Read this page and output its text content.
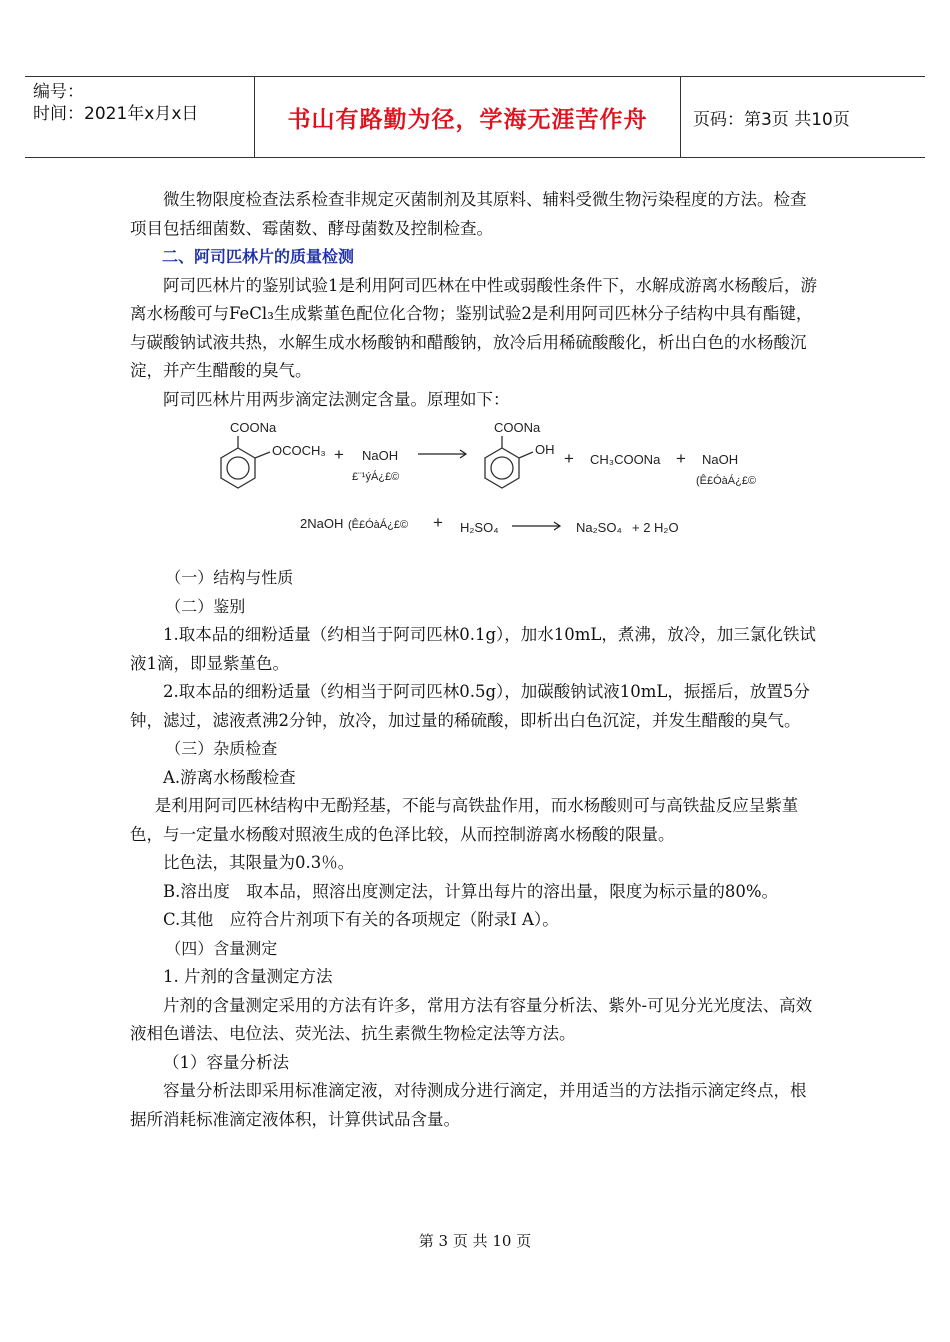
编号：
时间：2021年x月x日	书山有路勤为径，学海无涯苦作舟	页码：第3页 共10页

微生物限度检查法系检查非规定灭菌制剂及其原料、辅料受微生物污染程度的方法。检查项目包括细菌数、霉菌数、酵母菌数及控制检查。

二、阿司匹林片的质量检测

阿司匹林片的鉴别试验1是利用阿司匹林在中性或弱酸性条件下，水解成游离水杨酸后，游离水杨酸可与FeCl₃生成紫堇色配位化合物；鉴别试验2是利用阿司匹林分子结构中具有酯键，与碳酸钠试液共热，水解生成水杨酸钠和醋酸钠，放冷后用稀硫酸酸化，析出白色的水杨酸沉淀，并产生醋酸的臭气。

阿司匹林片用两步滴定法测定含量。原理如下：

COONa
OCOCH₃ + NaOH
£¨¹ýÁ¿£©
COONa
OH + CH₃COONa + NaOH
(Ê£ÓàÁ¿£©
2NaOH (Ê£ÓàÁ¿£© + H₂SO₄	Na₂SO₄ + 2 H₂O

（一）结构与性质

（二）鉴别

1.取本品的细粉适量（约相当于阿司匹林0.1g），加水10mL，煮沸，放冷，加三氯化铁试液1滴，即显紫堇色。

2.取本品的细粉适量（约相当于阿司匹林0.5g），加碳酸钠试液10mL，振摇后，放置5分钟，滤过，滤液煮沸2分钟，放冷，加过量的稀硫酸，即析出白色沉淀，并发生醋酸的臭气。

（三）杂质检查

A.游离水杨酸检查

是利用阿司匹林结构中无酚羟基，不能与高铁盐作用，而水杨酸则可与高铁盐反应呈紫堇色，与一定量水杨酸对照液生成的色泽比较，从而控制游离水杨酸的限量。

比色法，其限量为0.3％。

B.溶出度　取本品，照溶出度测定法，计算出每片的溶出量，限度为标示量的80%。

C.其他　应符合片剂项下有关的各项规定（附录Ⅰ A）。

（四）含量测定

1. 片剂的含量测定方法

片剂的含量测定采用的方法有许多，常用方法有容量分析法、紫外-可见分光光度法、高效液相色谱法、电位法、荧光法、抗生素微生物检定法等方法。

（1）容量分析法

容量分析法即采用标准滴定液，对待测成分进行滴定，并用适当的方法指示滴定终点，根据所消耗标准滴定液体积，计算供试品含量。

第 3 页 共 10 页
